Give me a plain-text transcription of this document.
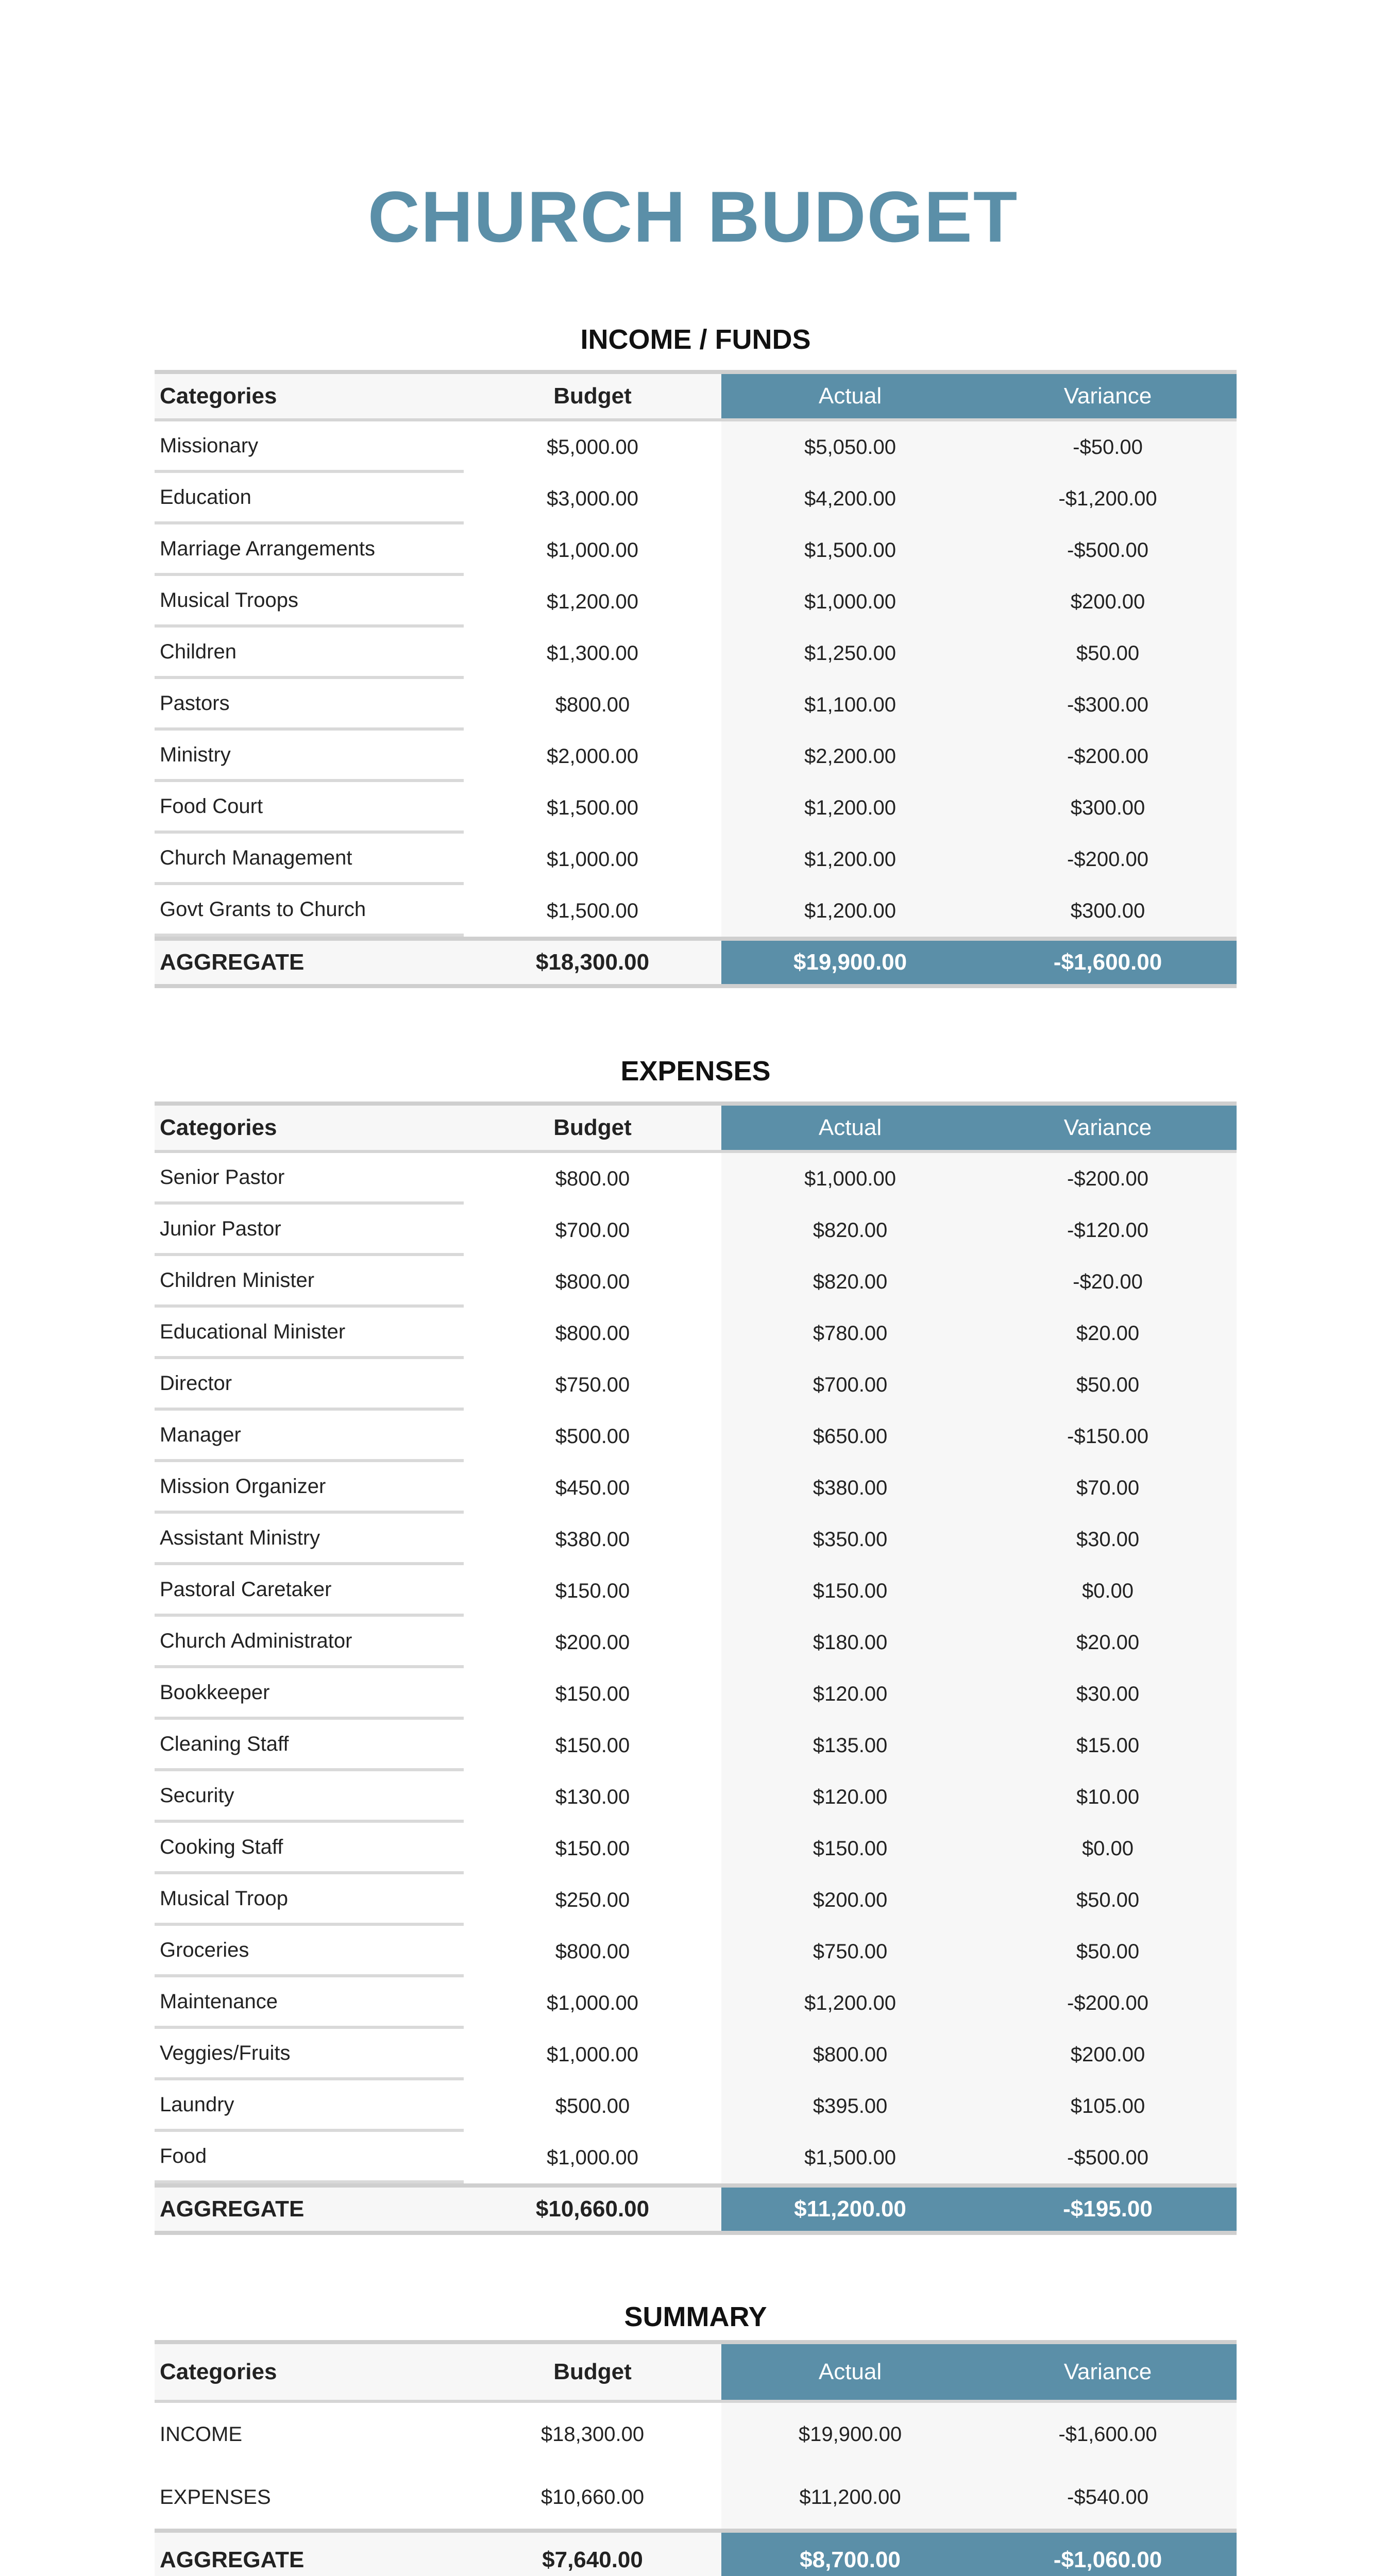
CHURCH BUDGET
INCOME / FUNDS
Categories	Budget	Actual	Variance
Missionary	$5,000.00	$5,050.00	-$50.00
Education	$3,000.00	$4,200.00	-$1,200.00
Marriage Arrangements	$1,000.00	$1,500.00	-$500.00
Musical Troops	$1,200.00	$1,000.00	$200.00
Children	$1,300.00	$1,250.00	$50.00
Pastors	$800.00	$1,100.00	-$300.00
Ministry	$2,000.00	$2,200.00	-$200.00
Food Court	$1,500.00	$1,200.00	$300.00
Church Management	$1,000.00	$1,200.00	-$200.00
Govt Grants to Church	$1,500.00	$1,200.00	$300.00
AGGREGATE	$18,300.00	$19,900.00	-$1,600.00
EXPENSES
Categories	Budget	Actual	Variance
Senior Pastor	$800.00	$1,000.00	-$200.00
Junior Pastor	$700.00	$820.00	-$120.00
Children Minister	$800.00	$820.00	-$20.00
Educational Minister	$800.00	$780.00	$20.00
Director	$750.00	$700.00	$50.00
Manager	$500.00	$650.00	-$150.00
Mission Organizer	$450.00	$380.00	$70.00
Assistant Ministry	$380.00	$350.00	$30.00
Pastoral Caretaker	$150.00	$150.00	$0.00
Church Administrator	$200.00	$180.00	$20.00
Bookkeeper	$150.00	$120.00	$30.00
Cleaning Staff	$150.00	$135.00	$15.00
Security	$130.00	$120.00	$10.00
Cooking Staff	$150.00	$150.00	$0.00
Musical Troop	$250.00	$200.00	$50.00
Groceries	$800.00	$750.00	$50.00
Maintenance	$1,000.00	$1,200.00	-$200.00
Veggies/Fruits	$1,000.00	$800.00	$200.00
Laundry	$500.00	$395.00	$105.00
Food	$1,000.00	$1,500.00	-$500.00
AGGREGATE	$10,660.00	$11,200.00	-$195.00
SUMMARY
Categories	Budget	Actual	Variance
INCOME	$18,300.00	$19,900.00	-$1,600.00
EXPENSES	$10,660.00	$11,200.00	-$540.00
AGGREGATE	$7,640.00	$8,700.00	-$1,060.00
